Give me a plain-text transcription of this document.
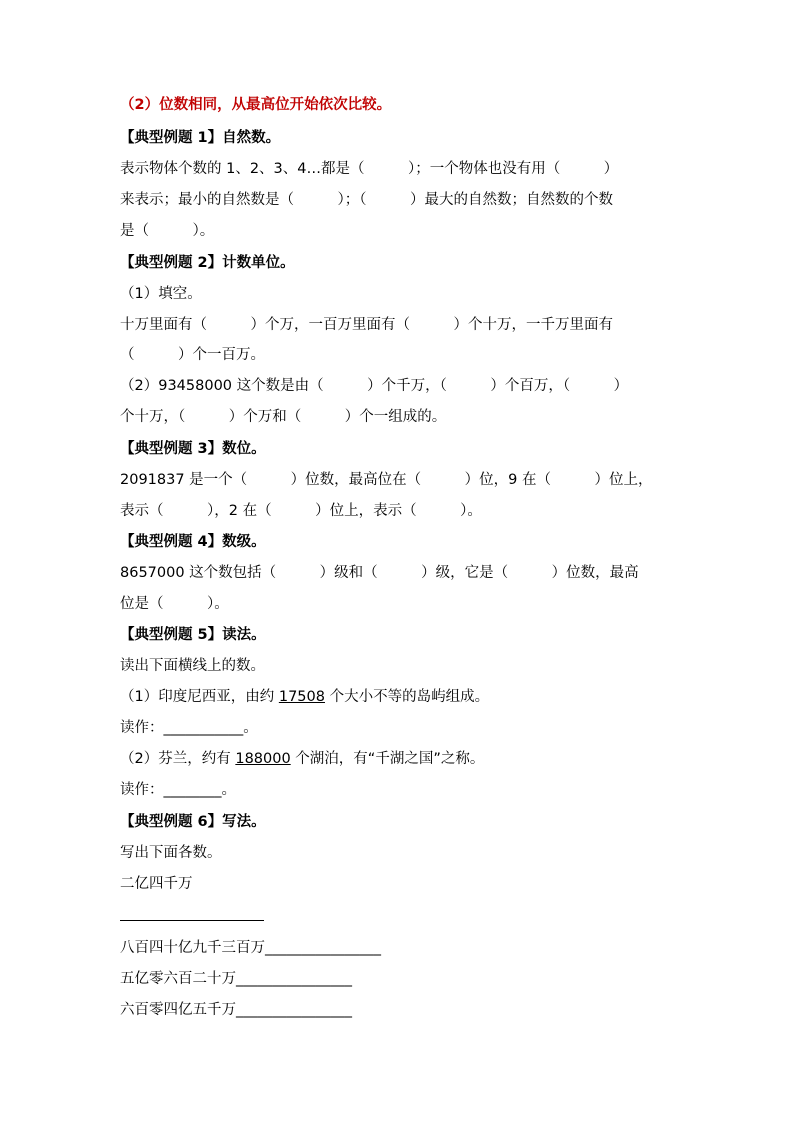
（2）位数相同，从最高位开始依次比较。
【典型例题 1】自然数。
表示物体个数的 1、2、3、4…都是（　　　）；一个物体也没有用（　　　）
来表示；最小的自然数是（　　　）；（　　　）最大的自然数；自然数的个数
是（　　　）。
【典型例题 2】计数单位。
（1）填空。
十万里面有（　　　）个万，一百万里面有（　　　）个十万，一千万里面有
（　　　）个一百万。
（2）93458000 这个数是由（　　　）个千万，（　　　）个百万，（　　　）
个十万，（　　　）个万和（　　　）个一组成的。
【典型例题 3】数位。
2091837 是一个（　　　）位数，最高位在（　　　）位，9 在（　　　）位上，
表示（　　　），2 在（　　　）位上，表示（　　　）。
【典型例题 4】数级。
8657000 这个数包括（　　　）级和（　　　）级，它是（　　　）位数，最高
位是（　　　）。
【典型例题 5】读法。
读出下面横线上的数。
（1）印度尼西亚，由约 17508 个大小不等的岛屿组成。
读作：___________。
（2）芬兰，约有 188000 个湖泊，有“千湖之国”之称。
读作：________。
【典型例题 6】写法。
写出下面各数。
二亿四千万
八百四十亿九千三百万________________
五亿零六百二十万________________
六百零四亿五千万________________
